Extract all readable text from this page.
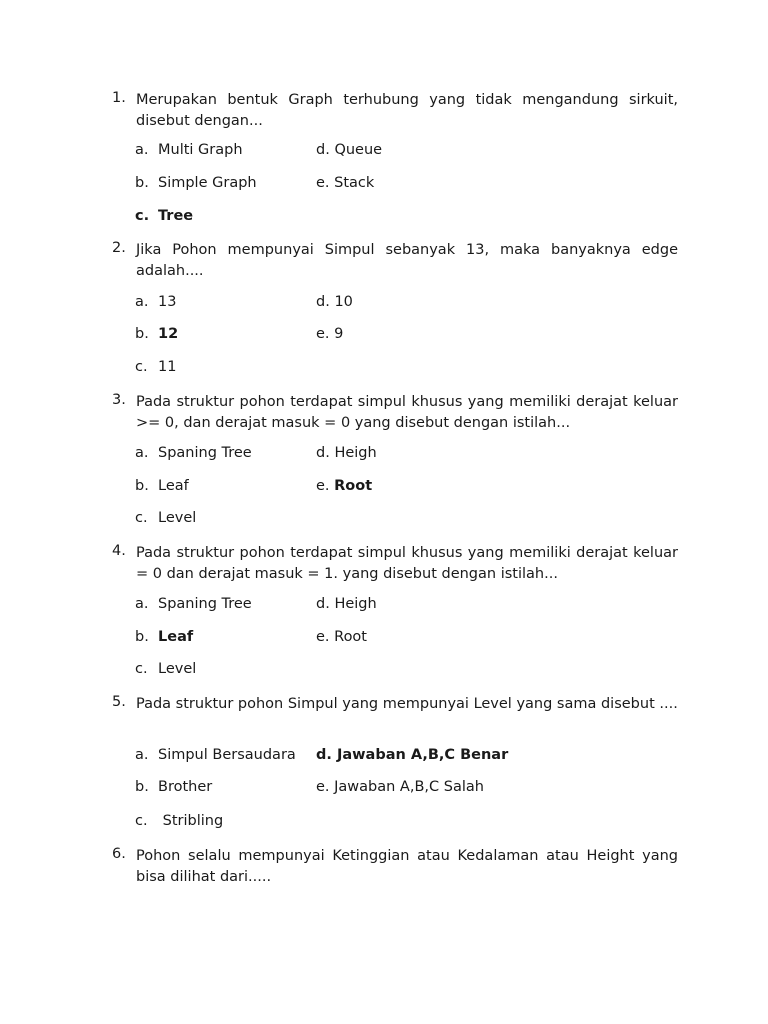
1. Merupakan bentuk Graph terhubung yang tidak mengandung sirkuit, disebut dengan...
a. Multi Graph	d. Queue
b. Simple Graph	e. Stack
c. Tree
2. Jika Pohon mempunyai Simpul sebanyak 13, maka banyaknya edge adalah....
a. 13	d. 10
b. 12	e. 9
c. 11
3. Pada struktur pohon terdapat simpul khusus yang memiliki derajat keluar >= 0, dan derajat masuk = 0 yang disebut dengan istilah...
a. Spaning Tree	d. Heigh
b. Leaf	e. Root
c. Level
4. Pada struktur pohon terdapat simpul khusus yang memiliki derajat keluar = 0 dan derajat masuk = 1. yang disebut dengan istilah...
a. Spaning Tree	d. Heigh
b. Leaf	e. Root
c. Level
5. Pada struktur pohon Simpul yang mempunyai Level yang sama disebut ....
a. Simpul Bersaudara d. Jawaban A,B,C Benar
b. Brother	e. Jawaban A,B,C Salah
c. Stribling
6. Pohon selalu mempunyai Ketinggian atau Kedalaman atau Height yang bisa dilihat dari.....
